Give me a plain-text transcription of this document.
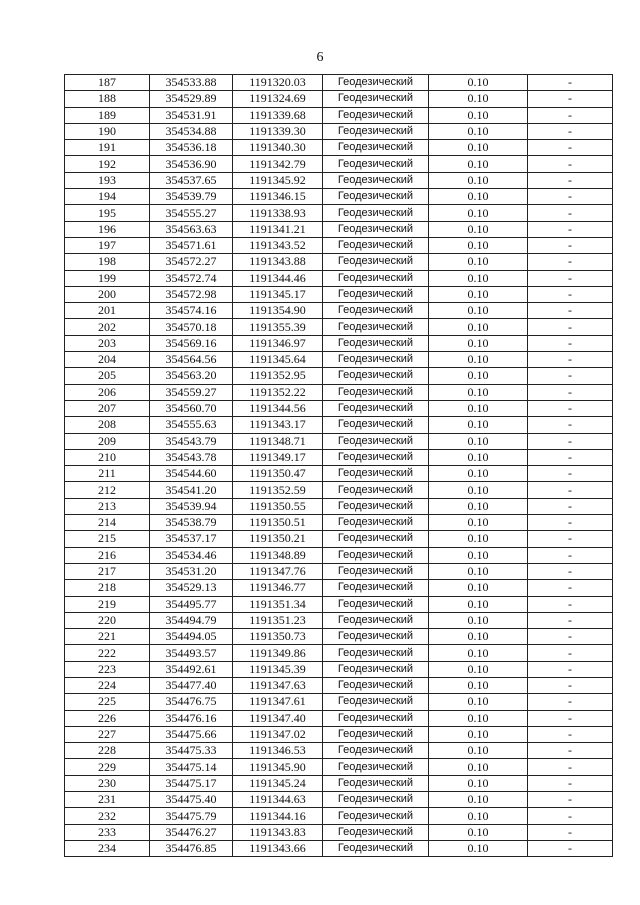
6
187	354533.88	1191320.03	Геодезический	0.10	-
188	354529.89	1191324.69	Геодезический	0.10	-
189	354531.91	1191339.68	Геодезический	0.10	-
190	354534.88	1191339.30	Геодезический	0.10	-
191	354536.18	1191340.30	Геодезический	0.10	-
192	354536.90	1191342.79	Геодезический	0.10	-
193	354537.65	1191345.92	Геодезический	0.10	-
194	354539.79	1191346.15	Геодезический	0.10	-
195	354555.27	1191338.93	Геодезический	0.10	-
196	354563.63	1191341.21	Геодезический	0.10	-
197	354571.61	1191343.52	Геодезический	0.10	-
198	354572.27	1191343.88	Геодезический	0.10	-
199	354572.74	1191344.46	Геодезический	0.10	-
200	354572.98	1191345.17	Геодезический	0.10	-
201	354574.16	1191354.90	Геодезический	0.10	-
202	354570.18	1191355.39	Геодезический	0.10	-
203	354569.16	1191346.97	Геодезический	0.10	-
204	354564.56	1191345.64	Геодезический	0.10	-
205	354563.20	1191352.95	Геодезический	0.10	-
206	354559.27	1191352.22	Геодезический	0.10	-
207	354560.70	1191344.56	Геодезический	0.10	-
208	354555.63	1191343.17	Геодезический	0.10	-
209	354543.79	1191348.71	Геодезический	0.10	-
210	354543.78	1191349.17	Геодезический	0.10	-
211	354544.60	1191350.47	Геодезический	0.10	-
212	354541.20	1191352.59	Геодезический	0.10	-
213	354539.94	1191350.55	Геодезический	0.10	-
214	354538.79	1191350.51	Геодезический	0.10	-
215	354537.17	1191350.21	Геодезический	0.10	-
216	354534.46	1191348.89	Геодезический	0.10	-
217	354531.20	1191347.76	Геодезический	0.10	-
218	354529.13	1191346.77	Геодезический	0.10	-
219	354495.77	1191351.34	Геодезический	0.10	-
220	354494.79	1191351.23	Геодезический	0.10	-
221	354494.05	1191350.73	Геодезический	0.10	-
222	354493.57	1191349.86	Геодезический	0.10	-
223	354492.61	1191345.39	Геодезический	0.10	-
224	354477.40	1191347.63	Геодезический	0.10	-
225	354476.75	1191347.61	Геодезический	0.10	-
226	354476.16	1191347.40	Геодезический	0.10	-
227	354475.66	1191347.02	Геодезический	0.10	-
228	354475.33	1191346.53	Геодезический	0.10	-
229	354475.14	1191345.90	Геодезический	0.10	-
230	354475.17	1191345.24	Геодезический	0.10	-
231	354475.40	1191344.63	Геодезический	0.10	-
232	354475.79	1191344.16	Геодезический	0.10	-
233	354476.27	1191343.83	Геодезический	0.10	-
234	354476.85	1191343.66	Геодезический	0.10	-
